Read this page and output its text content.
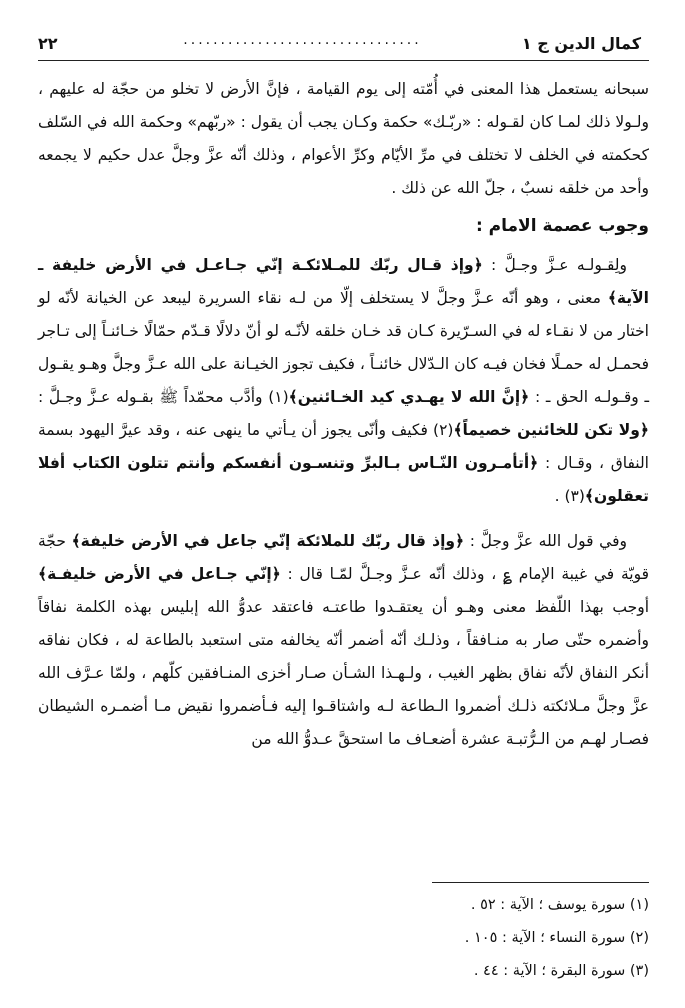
كمال الدين ج ١
................................
٢٢

سبحانه يستعمل هذا المعنى في أُمّته إلى يوم القيامة ، فإنَّ الأرض لا تخلو من حجّة له عليهم ، ولـولا ذلك لمـا كان لقـوله : «ربّـك» حكمة وكـان يجب أن يقول : «ربّهم» وحكمة الله في السّلف كحكمته في الخلف لا تختلف في مرِّ الأيّام وكرِّ الأعوام ، وذلك أنّه عزَّ وجلَّ عدل حكيم لا يجمعه وأحد من خلقه نسبٌ ، جلّ الله عن ذلك .

وجوب عصمة الامام :

ولِقـولـه عـزَّ وجـلَّ : ﴿وإذ قـال ربّك للمـلائكـة إنّي جـاعـل في الأرض خليفة ـ الآية﴾ معنى ، وهو أنّه عـزَّ وجلَّ لا يستخلف إلّا من لـه نقاء السريرة ليبعد عن الخيانة لأنّه لو اختار من لا نقـاء له في السـرّيرة كـان قد خـان خلقه لأنّـه لو أنّ دلالًا قـدّم حمّالًا خـائنـاً إلى تـاجر فحمـل له حمـلًا فخان فيـه كان الـدّلال خائنـاً ، فكيف تجوز الخيـانة على الله عـزَّ وجلَّ وهـو يقـول ـ وقـولـه الحق ـ : ﴿إنَّ الله لا يهـدي كيد الخـائنين﴾(١) وأدَّب محمّداً ﷺ بقـوله عـزَّ وجـلَّ : ﴿ولا تكن للخائنين خصيماً﴾(٢) فكيف وأنّى يجوز أن يـأتي ما ينهى عنه ، وقد عيرَّ اليهود بسمة النفاق ، وقـال : ﴿أتأمـرون النّـاس بـالبرِّ وتنسـون أنفسكم وأنتم تتلون الكتاب أفلا تعقلون﴾(٣) .

وفي قول الله عزَّ وجلَّ : ﴿وإذ قال ربّك للملائكة إنّي جاعل في الأرض خليفة﴾ حجّة قويّة في غيبة الإمام ؏ ، وذلك أنّه عـزَّ وجـلَّ لمّـا قال : ﴿إنّي جـاعل في الأرض خليفـة﴾ أوجب بهذا اللّفظ معنى وهـو أن يعتقـدوا طاعتـه فاعتقد عدوُّ الله إبليس بهذه الكلمة نفاقاً وأضمره حتّى صار به منـافقاً ، وذلـك أنّه أضمر أنّه يخالفه متى استعبد بالطاعة له ، فكان نفاقه أنكر النفاق لأنّه نفاق بظهر الغيب ، ولـهـذا الشـأن صـار أخزى المنـافقين كلّهم ، ولمّا عـرَّف الله عزَّ وجلَّ مـلائكته ذلـك أضمروا الـطاعة لـه واشتاقـوا إليه فـأضمروا نقيض مـا أضمـره الشيطان فصـار لهـم من الـرُّتبـة عشرة أضعـاف ما استحقَّ عـدوُّ الله من

(١) سورة يوسف ؛ الآية : ٥٢ .

(٢) سورة النساء ؛ الآية : ١٠٥ .

(٣) سورة البقرة ؛ الآية : ٤٤ .
